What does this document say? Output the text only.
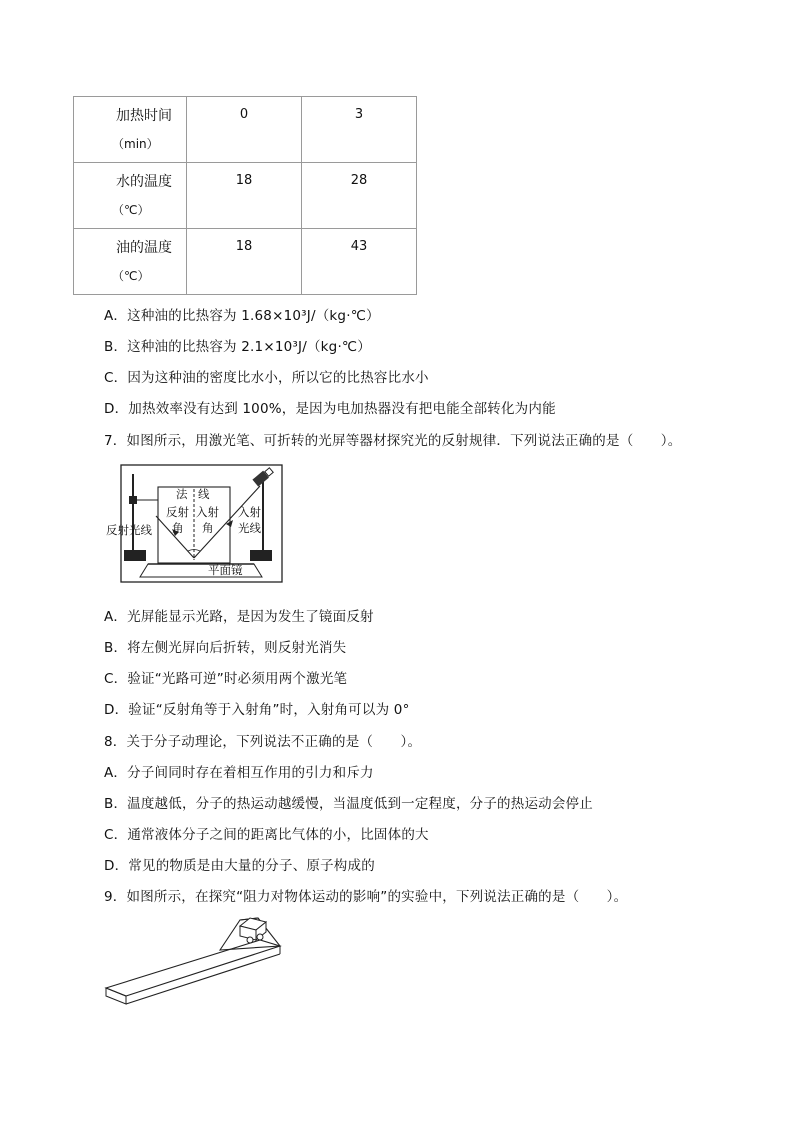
加热时间
（min）	0	3

水的温度
（℃）	18	28

油的温度
（℃）	18	43
A．这种油的比热容为 1.68×10³J/（kg·℃）
B．这种油的比热容为 2.1×10³J/（kg·℃）
C．因为这种油的密度比水小，所以它的比热容比水小
D．加热效率没有达到 100%，是因为电加热器没有把电能全部转化为内能
7．如图所示，用激光笔、可折转的光屏等器材探究光的反射规律．下列说法正确的是（　　）。
法 线
反射
角
入射
角
入射
光线
反射光线
平面镜
A．光屏能显示光路，是因为发生了镜面反射
B．将左侧光屏向后折转，则反射光消失
C．验证“光路可逆”时必须用两个激光笔
D．验证“反射角等于入射角”时，入射角可以为 0°
8．关于分子动理论，下列说法不正确的是（　　）。
A．分子间同时存在着相互作用的引力和斥力
B．温度越低，分子的热运动越缓慢，当温度低到一定程度，分子的热运动会停止
C．通常液体分子之间的距离比气体的小，比固体的大
D．常见的物质是由大量的分子、原子构成的
9．如图所示，在探究“阻力对物体运动的影响”的实验中，下列说法正确的是（　　）。
